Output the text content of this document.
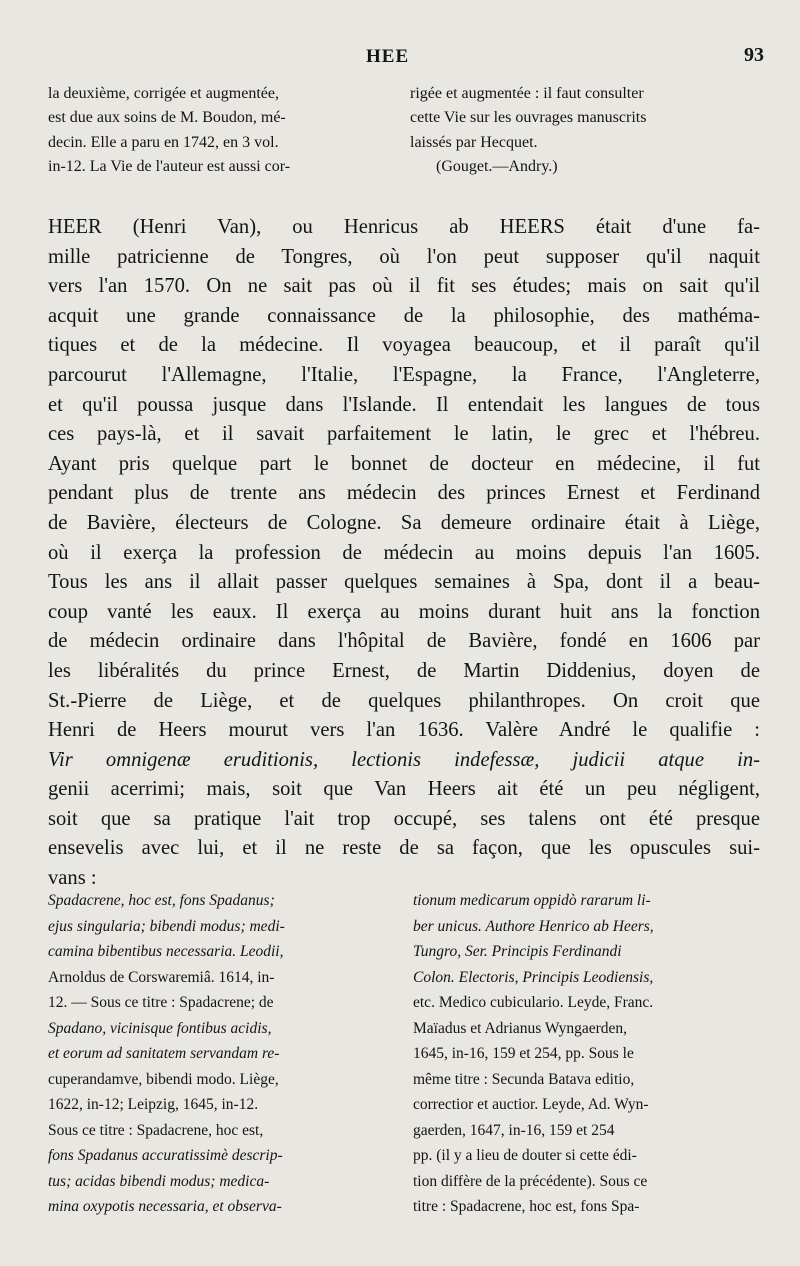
HEE	93
la deuxième, corrigée et augmentée,
est due aux soins de M. Boudon, mé-
decin. Elle a paru en 1742, en 3 vol.
in-12. La Vie de l'auteur est aussi cor-
rigée et augmentée : il faut consulter
cette Vie sur les ouvrages manuscrits
laissés par Hecquet.
(Gouget.—Andry.)
HEER (Henri Van), ou Henricus ab HEERS était d'une fa-
mille patricienne de Tongres, où l'on peut supposer qu'il naquit
vers l'an 1570. On ne sait pas où il fit ses études; mais on sait qu'il
acquit une grande connaissance de la philosophie, des mathéma-
tiques et de la médecine. Il voyagea beaucoup, et il paraît qu'il
parcourut l'Allemagne, l'Italie, l'Espagne, la France, l'Angleterre,
et qu'il poussa jusque dans l'Islande. Il entendait les langues de tous
ces pays-là, et il savait parfaitement le latin, le grec et l'hébreu.
Ayant pris quelque part le bonnet de docteur en médecine, il fut
pendant plus de trente ans médecin des princes Ernest et Ferdinand
de Bavière, électeurs de Cologne. Sa demeure ordinaire était à Liège,
où il exerça la profession de médecin au moins depuis l'an 1605.
Tous les ans il allait passer quelques semaines à Spa, dont il a beau-
coup vanté les eaux. Il exerça au moins durant huit ans la fonction
de médecin ordinaire dans l'hôpital de Bavière, fondé en 1606 par
les libéralités du prince Ernest, de Martin Diddenius, doyen de
St.-Pierre de Liège, et de quelques philanthropes. On croit que
Henri de Heers mourut vers l'an 1636. Valère André le qualifie :
Vir omnigenæ eruditionis, lectionis indefessæ, judicii atque in-
genii acerrimi; mais, soit que Van Heers ait été un peu négligent,
soit que sa pratique l'ait trop occupé, ses talens ont été presque
ensevelis avec lui, et il ne reste de sa façon, que les opuscules sui-
vans :
Spadacrene, hoc est, fons Spadanus;
ejus singularia; bibendi modus; medi-
camina bibentibus necessaria. Leodii,
Arnoldus de Corswaremiâ. 1614, in-
12. — Sous ce titre : Spadacrene; de
Spadano, vicinisque fontibus acidis,
et eorum ad sanitatem servandam re-
cuperandamve, bibendi modo. Liège,
1622, in-12; Leipzig, 1645, in-12.
Sous ce titre : Spadacrene, hoc est,
fons Spadanus accuratissimè descrip-
tus; acidas bibendi modus; medica-
mina oxypotis necessaria, et observa-
tionum medicarum oppidò rararum li-
ber unicus. Authore Henrico ab Heers,
Tungro, Ser. Principis Ferdinandi
Colon. Electoris, Principis Leodiensis,
etc. Medico cubiculario. Leyde, Franc.
Maïadus et Adrianus Wyngaerden,
1645, in-16, 159 et 254, pp. Sous le
même titre : Secunda Batava editio,
correctior et auctior. Leyde, Ad. Wyn-
gaerden, 1647, in-16, 159 et 254
pp. (il y a lieu de douter si cette édi-
tion diffère de la précédente). Sous ce
titre : Spadacrene, hoc est, fons Spa-
